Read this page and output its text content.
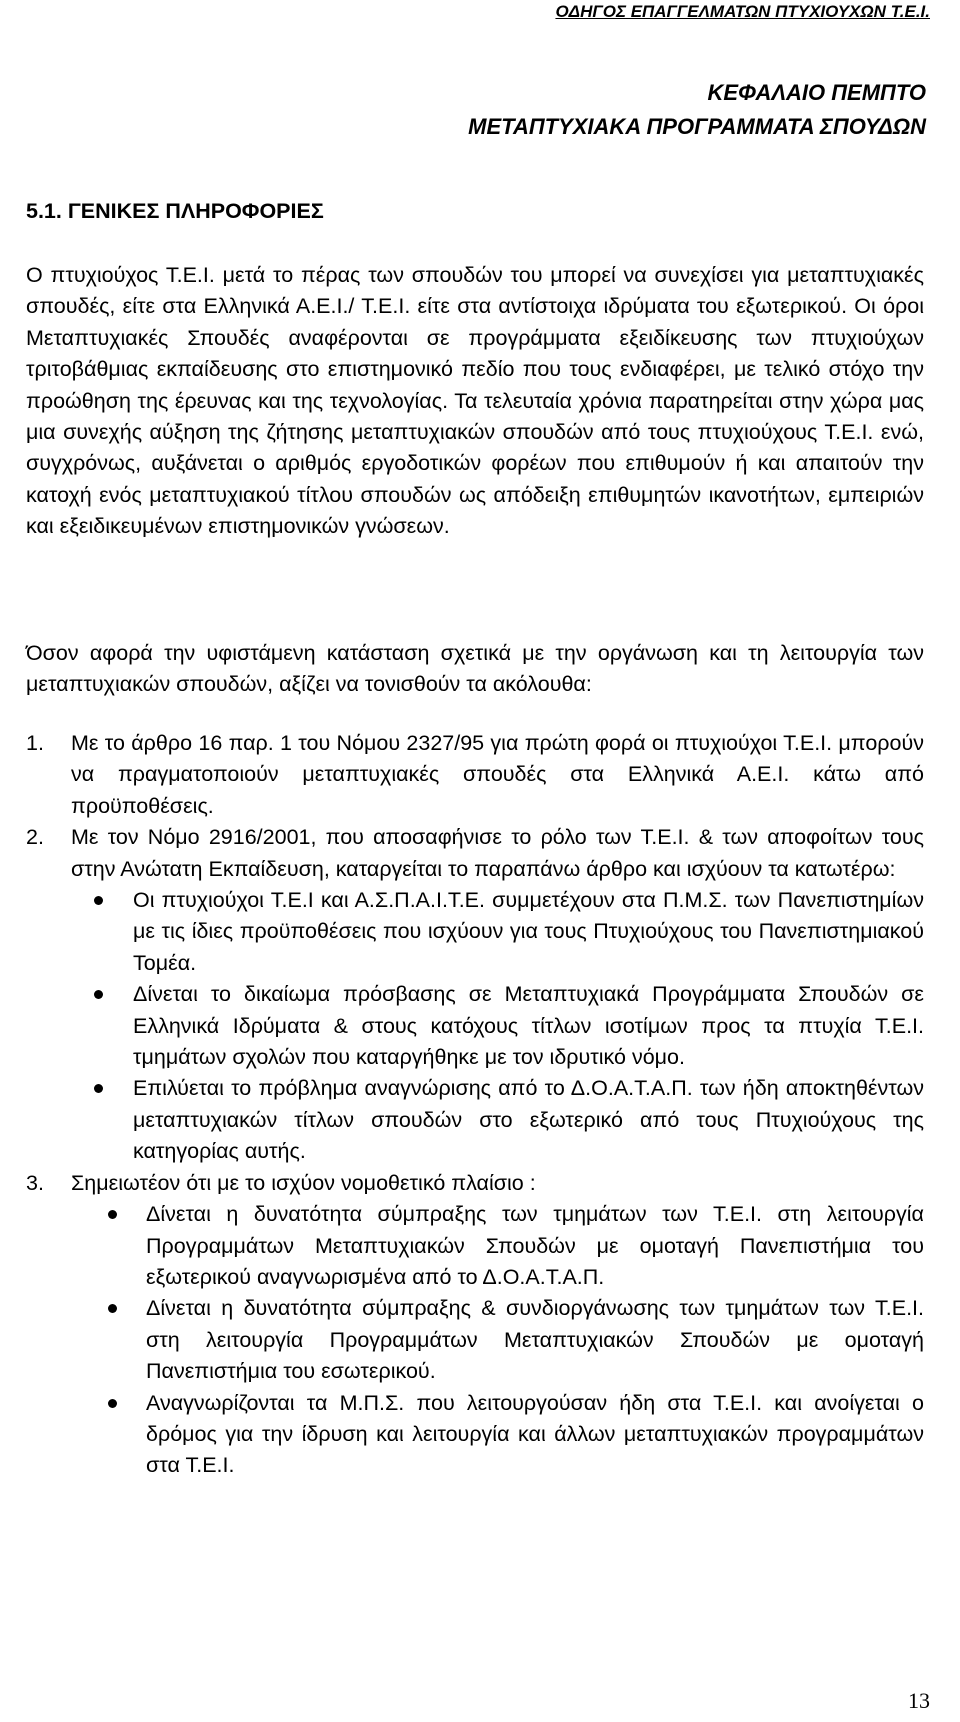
ΟΔΗΓΟΣ ΕΠΑΓΓΕΛΜΑΤΩΝ ΠΤΥΧΙΟΥΧΩΝ Τ.Ε.Ι.
ΚΕΦΑΛΑΙΟ ΠΕΜΠΤΟ
ΜΕΤΑΠΤΥΧΙΑΚΑ ΠΡΟΓΡΑΜΜΑΤΑ ΣΠΟΥΔΩΝ
5.1. ΓΕΝΙΚΕΣ ΠΛΗΡΟΦΟΡΙΕΣ

Ο πτυχιούχος Τ.Ε.Ι. μετά το πέρας των σπουδών του μπορεί να συνεχίσει για μεταπτυχιακές σπουδές, είτε στα Ελληνικά Α.Ε.Ι./ Τ.Ε.Ι. είτε στα αντίστοιχα ιδρύματα του εξωτερικού. Οι όροι Μεταπτυχιακές Σπουδές αναφέρονται σε προγράμματα εξειδίκευσης των πτυχιούχων τριτοβάθμιας εκπαίδευσης στο επιστημονικό πεδίο που τους ενδιαφέρει, με τελικό στόχο την προώθηση της έρευνας και της τεχνολογίας. Τα τελευταία χρόνια παρατηρείται στην χώρα μας μια συνεχής αύξηση της ζήτησης μεταπτυχιακών σπουδών από τους πτυχιούχους Τ.Ε.Ι. ενώ, συγχρόνως, αυξάνεται ο αριθμός εργοδοτικών φορέων που επιθυμούν ή και απαιτούν την κατοχή ενός μεταπτυχιακού τίτλου σπουδών ως απόδειξη επιθυμητών ικανοτήτων, εμπειριών και εξειδικευμένων επιστημονικών γνώσεων.

Όσον αφορά την υφιστάμενη κατάσταση σχετικά με την οργάνωση και τη λειτουργία των μεταπτυχιακών σπουδών, αξίζει να τονισθούν τα ακόλουθα:

1. Με το άρθρο 16 παρ. 1 του Νόμου 2327/95 για πρώτη φορά οι πτυχιούχοι Τ.Ε.Ι. μπορούν να πραγματοποιούν μεταπτυχιακές σπουδές στα Ελληνικά Α.Ε.Ι. κάτω από προϋποθέσεις.
2. Με τον Νόμο 2916/2001, που αποσαφήνισε το ρόλο των Τ.Ε.Ι. & των αποφοίτων τους στην Ανώτατη Εκπαίδευση, καταργείται το παραπάνω άρθρο και ισχύουν τα κατωτέρω:
Οι πτυχιούχοι Τ.Ε.Ι και Α.Σ.Π.Α.Ι.Τ.Ε. συμμετέχουν στα Π.Μ.Σ. των Πανεπιστημίων με τις ίδιες προϋποθέσεις που ισχύουν για τους Πτυχιούχους του Πανεπιστημιακού Τομέα.
Δίνεται το δικαίωμα πρόσβασης σε Μεταπτυχιακά Προγράμματα Σπουδών σε Ελληνικά Ιδρύματα & στους κατόχους τίτλων ισοτίμων προς τα πτυχία Τ.Ε.Ι. τμημάτων σχολών που καταργήθηκε με τον ιδρυτικό νόμο.
Επιλύεται το πρόβλημα αναγνώρισης από το Δ.Ο.Α.Τ.Α.Π. των ήδη αποκτηθέντων μεταπτυχιακών τίτλων σπουδών στο εξωτερικό από τους Πτυχιούχους της κατηγορίας αυτής.
3. Σημειωτέον ότι με το ισχύον νομοθετικό πλαίσιο :
Δίνεται η δυνατότητα σύμπραξης των τμημάτων των Τ.Ε.Ι. στη λειτουργία Προγραμμάτων Μεταπτυχιακών Σπουδών με ομοταγή Πανεπιστήμια του εξωτερικού αναγνωρισμένα από το Δ.Ο.Α.Τ.Α.Π.
Δίνεται η δυνατότητα σύμπραξης & συνδιοργάνωσης των τμημάτων των Τ.Ε.Ι. στη λειτουργία Προγραμμάτων Μεταπτυχιακών Σπουδών με ομοταγή Πανεπιστήμια του εσωτερικού.
Αναγνωρίζονται τα Μ.Π.Σ. που λειτουργούσαν ήδη στα Τ.Ε.Ι. και ανοίγεται ο δρόμος για την ίδρυση και λειτουργία και άλλων μεταπτυχιακών προγραμμάτων στα Τ.Ε.Ι.
13
